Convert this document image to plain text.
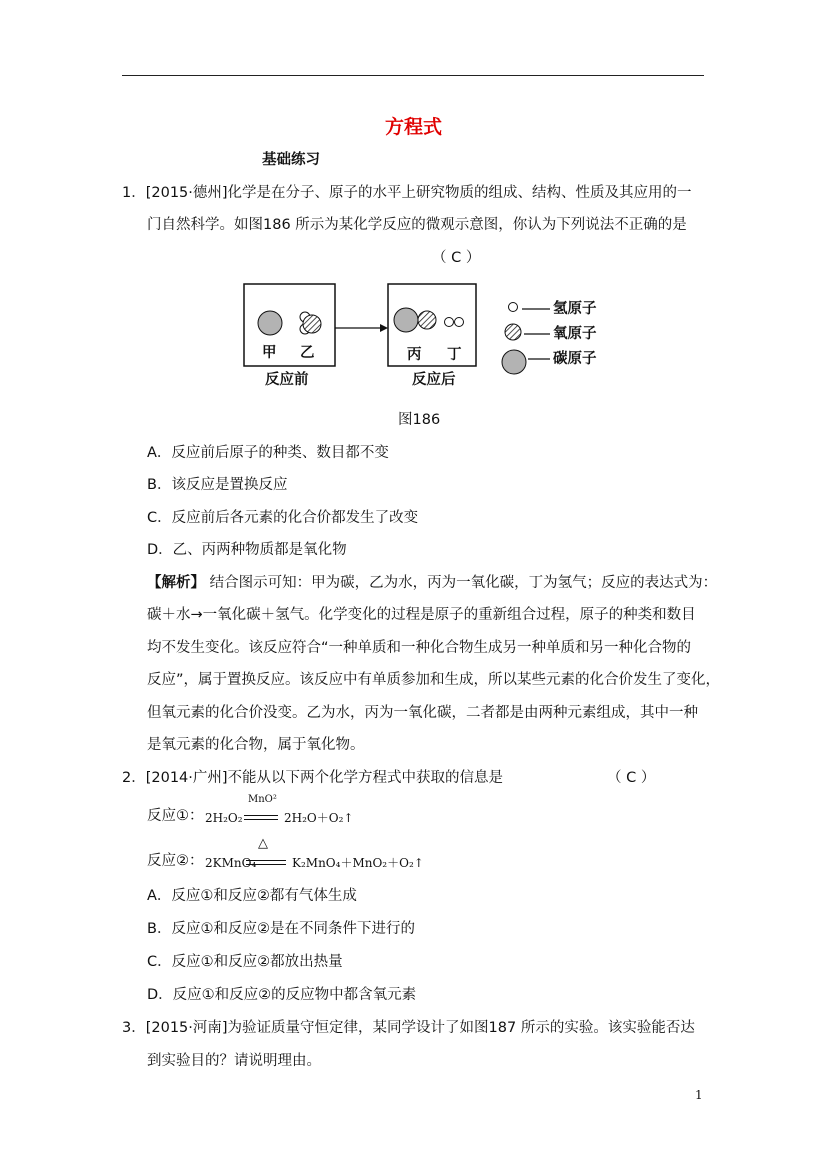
方程式
基础练习
1．[2015·德州]化学是在分子、原子的水平上研究物质的组成、结构、性质及其应用的一
门自然科学。如图186 所示为某化学反应的微观示意图，你认为下列说法不正确的是
（ C ）
甲 乙	丙 丁
反应前	反应后
氢原子
氧原子
碳原子
图186
A．反应前后原子的种类、数目都不变
B．该反应是置换反应
C．反应前后各元素的化合价都发生了改变
D．乙、丙两种物质都是氧化物
【解析】 结合图示可知：甲为碳，乙为水，丙为一氧化碳，丁为氢气；反应的表达式为：
碳＋水→一氧化碳＋氢气。化学变化的过程是原子的重新组合过程，原子的种类和数目
均不发生变化。该反应符合“一种单质和一种化合物生成另一种单质和另一种化合物的
反应”，属于置换反应。该反应中有单质参加和生成，所以某些元素的化合价发生了变化，
但氧元素的化合价没变。乙为水，丙为一氧化碳，二者都是由两种元素组成，其中一种
是氧元素的化合物，属于氧化物。
2．[2014·广州]不能从以下两个化学方程式中获取的信息是	（ C ）
反应①： 2H₂O₂
MnO²
2H₂O＋O₂↑
反应②： 2KMnO₄
△
K₂MnO₄＋MnO₂＋O₂↑
A．反应①和反应②都有气体生成
B．反应①和反应②是在不同条件下进行的
C．反应①和反应②都放出热量
D．反应①和反应②的反应物中都含氧元素
3．[2015·河南]为验证质量守恒定律，某同学设计了如图187 所示的实验。该实验能否达
到实验目的？请说明理由。
1
